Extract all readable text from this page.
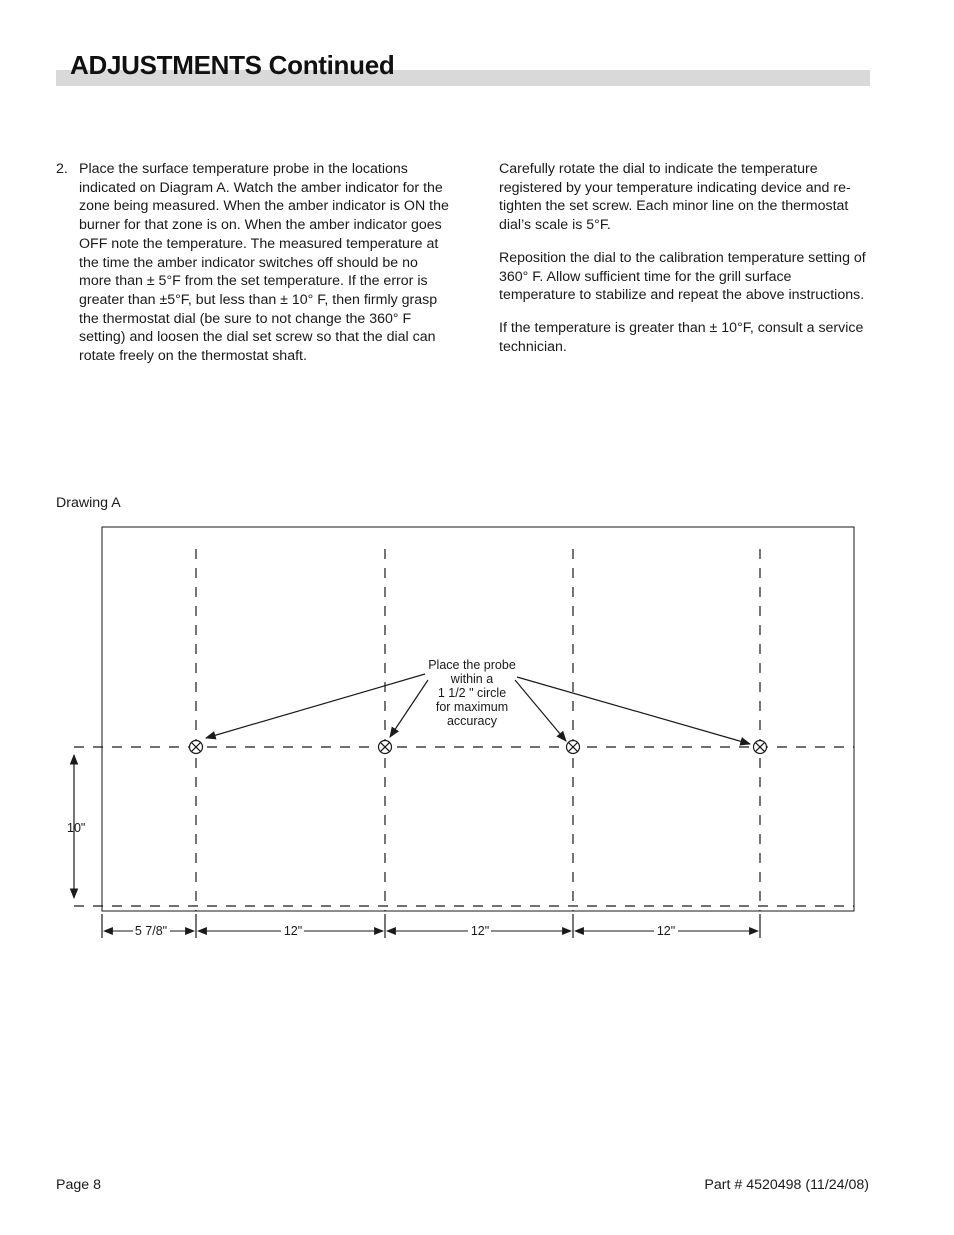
ADJUSTMENTS Continued
2. Place the surface temperature probe in the locations indicated on Diagram A. Watch the amber indicator for the zone being measured. When the amber indicator is ON the burner for that zone is on. When the amber indicator goes OFF note the temperature. The measured temperature at the time the amber indicator switches off should be no more than ± 5°F from the set temperature. If the error is greater than ±5°F, but less than ± 10° F, then firmly grasp the thermostat dial (be sure to not change the 360° F setting) and loosen the dial set screw so that the dial can rotate freely on the thermostat shaft.

Carefully rotate the dial to indicate the temperature registered by your temperature indicating device and re-tighten the set screw. Each minor line on the thermostat dial’s scale is 5°F.

Reposition the dial to the calibration temperature setting of 360° F. Allow sufficient time for the grill surface temperature to stabilize and repeat the above instructions.

If the temperature is greater than ± 10°F, consult a service technician.

Drawing A
Place the probe
within a
1 1/2 " circle
for maximum
accuracy
10"
5 7/8"	12"	12"	12"
Page 8	Part # 4520498 (11/24/08)
